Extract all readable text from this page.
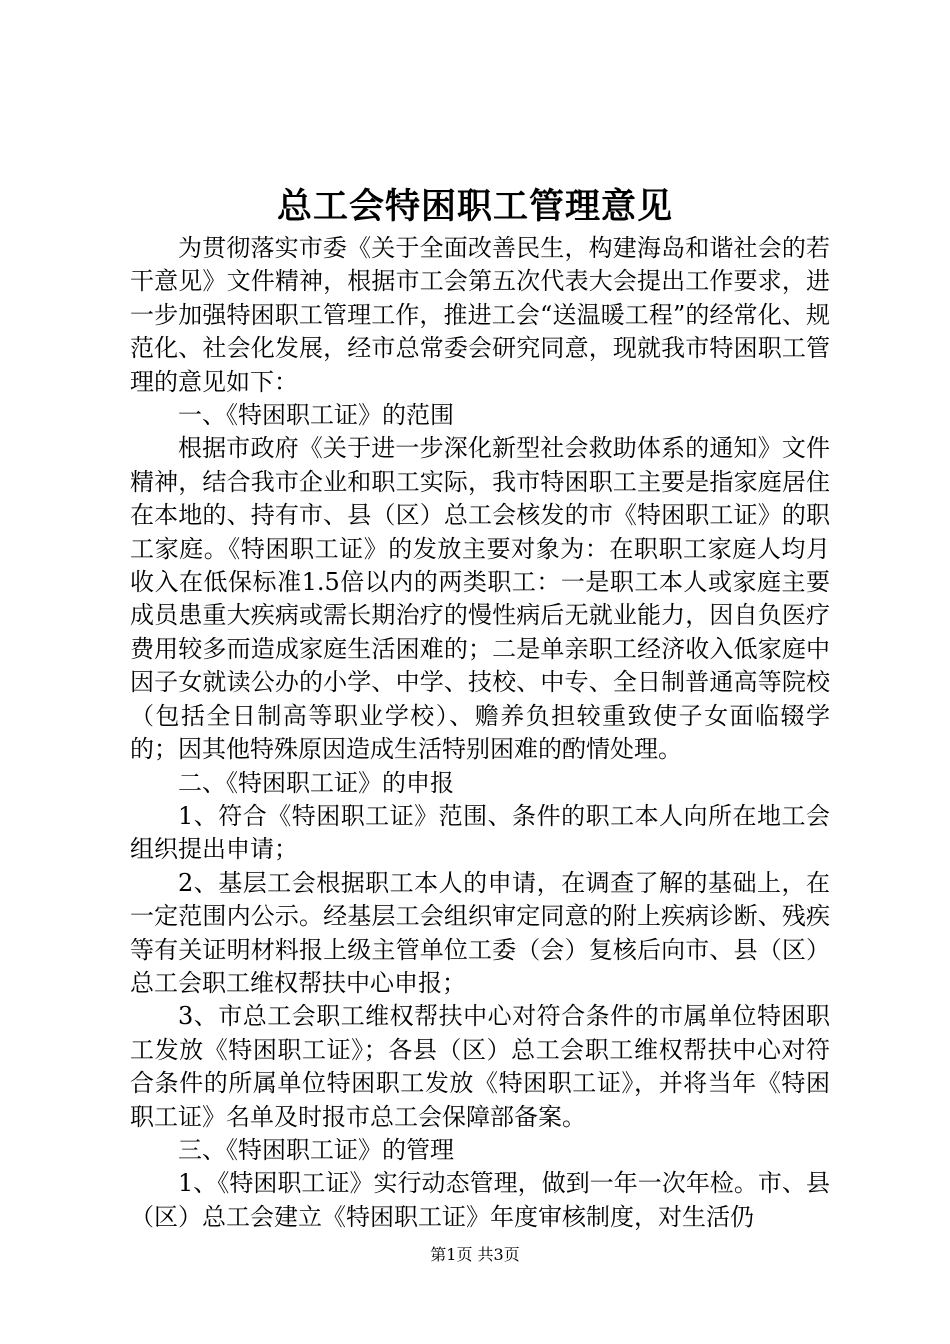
总工会特困职工管理意见

为贯彻落实市委《关于全面改善民生，构建海岛和谐社会的若干意见》文件精神，根据市工会第五次代表大会提出工作要求，进一步加强特困职工管理工作，推进工会“送温暖工程”的经常化、规范化、社会化发展，经市总常委会研究同意，现就我市特困职工管理的意见如下：

一、《特困职工证》的范围

根据市政府《关于进一步深化新型社会救助体系的通知》文件精神，结合我市企业和职工实际，我市特困职工主要是指家庭居住在本地的、持有市、县（区）总工会核发的市《特困职工证》的职工家庭。《特困职工证》的发放主要对象为：在职职工家庭人均月收入在低保标准1.5倍以内的两类职工：一是职工本人或家庭主要成员患重大疾病或需长期治疗的慢性病后无就业能力，因自负医疗费用较多而造成家庭生活困难的；二是单亲职工经济收入低家庭中因子女就读公办的小学、中学、技校、中专、全日制普通高等院校（包括全日制高等职业学校）、赡养负担较重致使子女面临辍学的；因其他特殊原因造成生活特别困难的酌情处理。

二、《特困职工证》的申报

1、符合《特困职工证》范围、条件的职工本人向所在地工会组织提出申请；

2、基层工会根据职工本人的申请，在调查了解的基础上，在一定范围内公示。经基层工会组织审定同意的附上疾病诊断、残疾等有关证明材料报上级主管单位工委（会）复核后向市、县（区）总工会职工维权帮扶中心申报；

3、市总工会职工维权帮扶中心对符合条件的市属单位特困职工发放《特困职工证》；各县（区）总工会职工维权帮扶中心对符合条件的所属单位特困职工发放《特困职工证》，并将当年《特困职工证》名单及时报市总工会保障部备案。

三、《特困职工证》的管理

1、《特困职工证》实行动态管理，做到一年一次年检。市、县（区）总工会建立《特困职工证》年度审核制度，对生活仍

第1页 共3页
